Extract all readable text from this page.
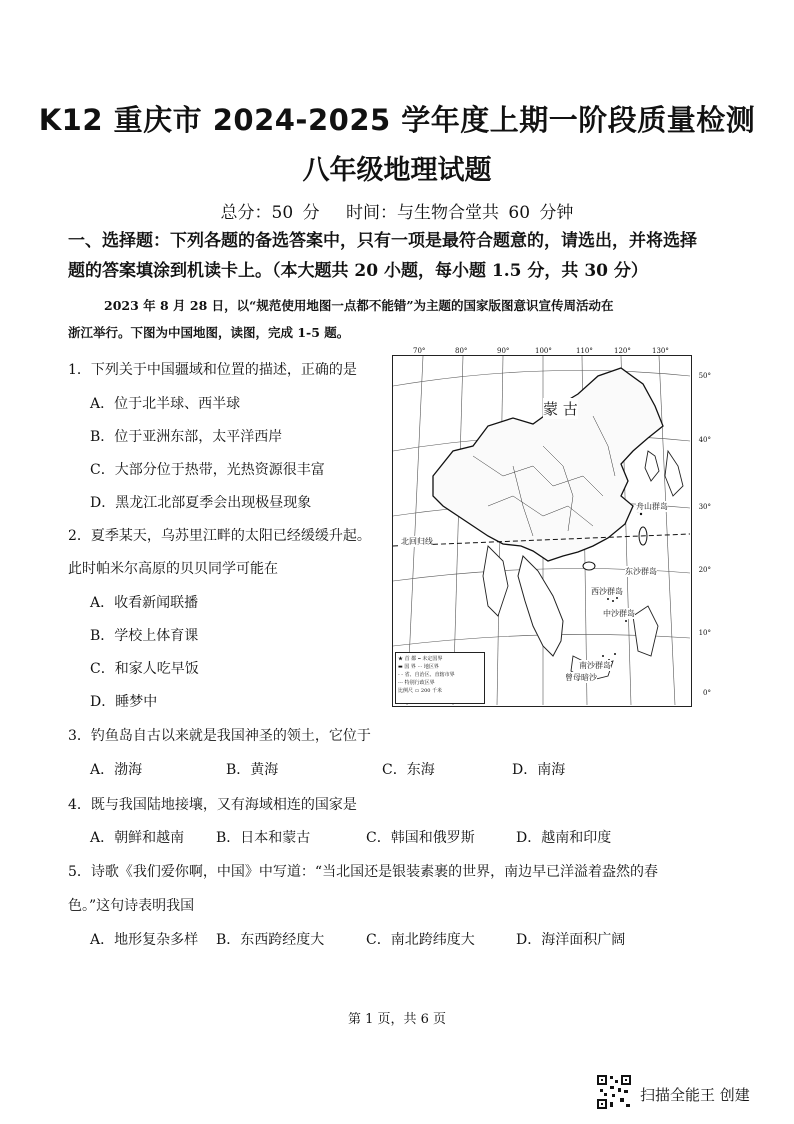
K12 重庆市 2024-2025 学年度上期一阶段质量检测
八年级地理试题
总分：50 分　 时间：与生物合堂共 60 分钟
一、选择题：下列各题的备选答案中，只有一项是最符合题意的，请选出，并将选择
题的答案填涂到机读卡上。（本大题共 20 小题，每小题 1.5 分，共 30 分）
2023 年 8 月 28 日，以“规范使用地图一点都不能错”为主题的国家版图意识宣传周活动在
浙江举行。下图为中国地图，读图，完成 1-5 题。
1．下列关于中国疆域和位置的描述，正确的是
A．位于北半球、西半球
B．位于亚洲东部，太平洋西岸
C．大部分位于热带，光热资源很丰富
D．黑龙江北部夏季会出现极昼现象
2．夏季某天，乌苏里江畔的太阳已经缓缓升起。
此时帕米尔高原的贝贝同学可能在
A．收看新闻联播
B．学校上体育课
C．和家人吃早饭
D．睡梦中
3．钓鱼岛自古以来就是我国神圣的领土，它位于
A．渤海	B．黄海	C．东海	D．南海
4．既与我国陆地接壤，又有海域相连的国家是
A．朝鲜和越南 B．日本和蒙古	C．韩国和俄罗斯	D．越南和印度
5．诗歌《我们爱你啊，中国》中写道：“当北国还是银装素裹的世界，南边早已洋溢着盎然的春
色。”这句诗表明我国
A．地形复杂多样 B．东西跨经度大	C．南北跨纬度大	D．海洋面积广阔
70°	80°	90°	100°	110°	120°	130°
50°
40°
30°
20°
10°
0°
蒙 古
北回归线
舟山群岛
东沙群岛
西沙群岛
中沙群岛
南沙群岛
曾母暗沙
★ 首 都 ┅ 未定国界
▬ 国 界 ··· 地区界
- - 省、自治区、直辖市界
-·- 特别行政区界
比例尺 ▭ 200 千米
第 1 页，共 6 页
扫描全能王 创建
